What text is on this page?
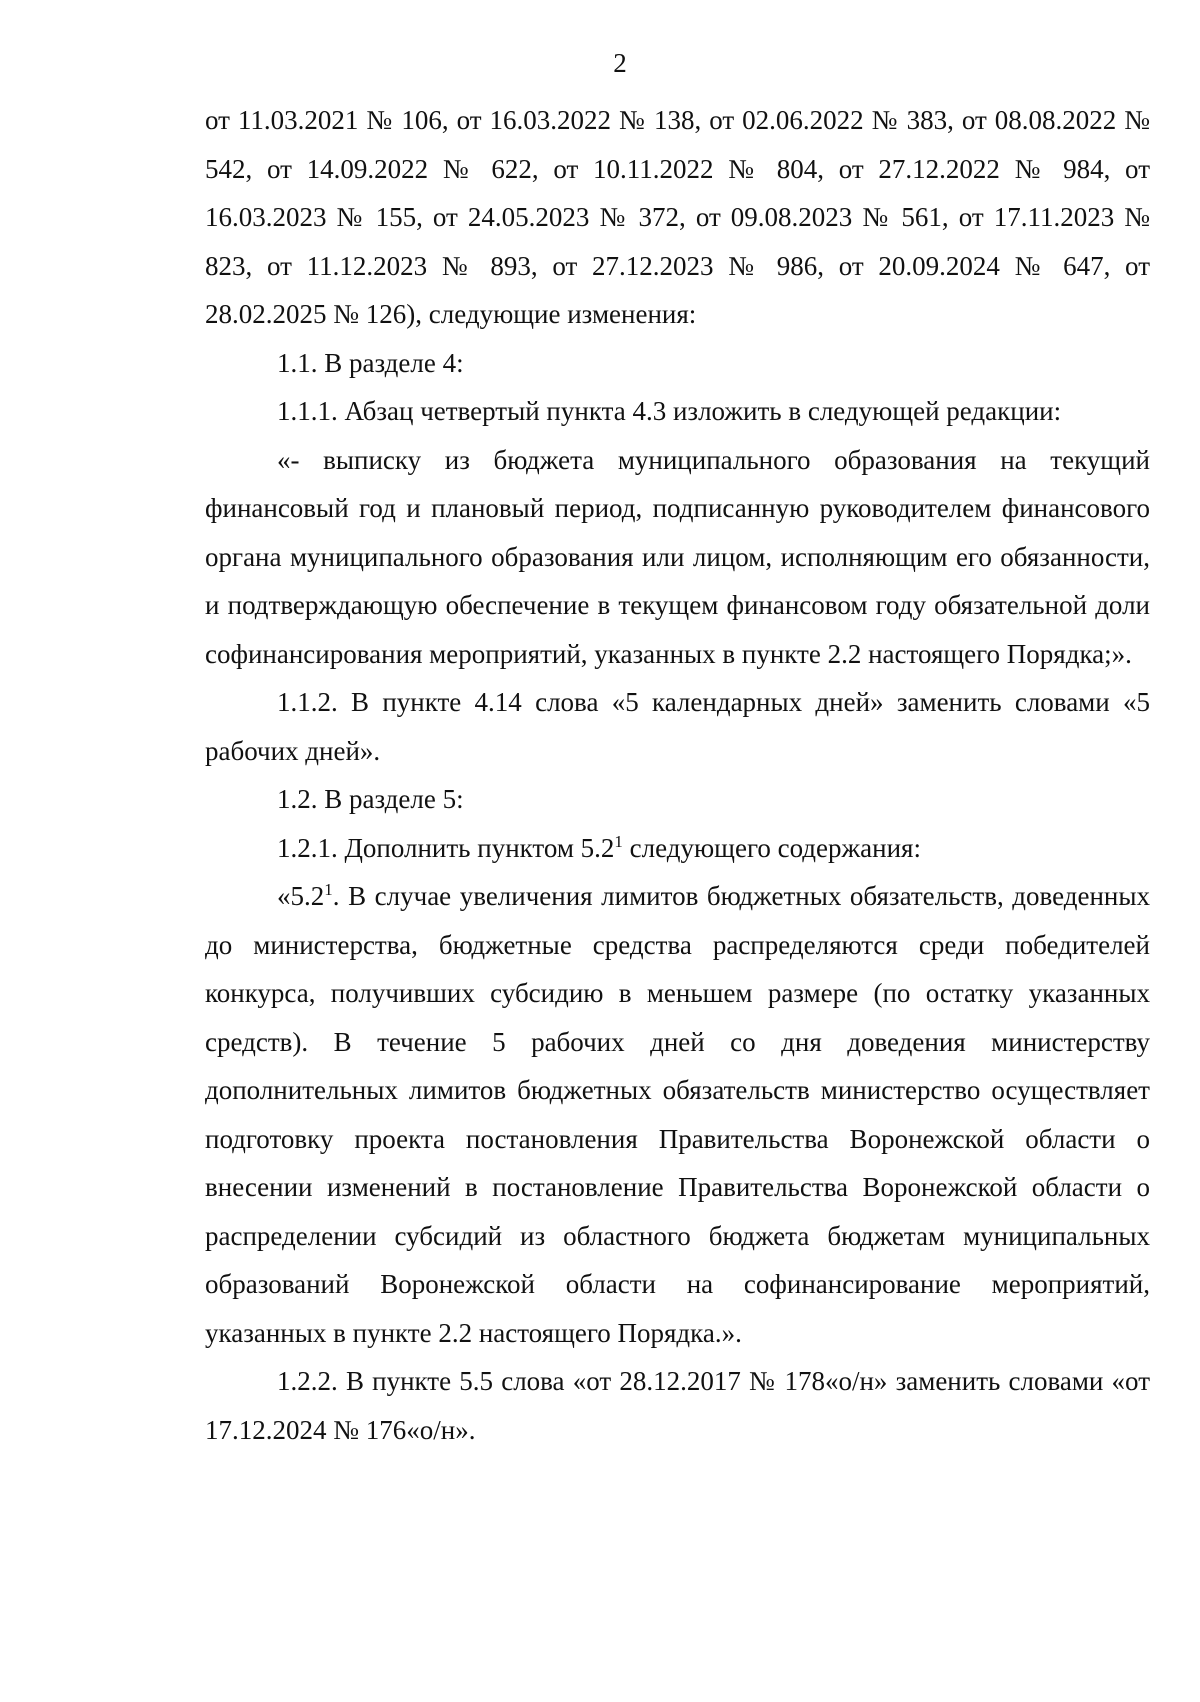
2

от 11.03.2021 № 106, от 16.03.2022 № 138, от 02.06.2022 № 383, от 08.08.2022 № 542, от 14.09.2022 № 622, от 10.11.2022 № 804, от 27.12.2022 № 984, от 16.03.2023 № 155, от 24.05.2023 № 372, от 09.08.2023 № 561, от 17.11.2023 № 823, от 11.12.2023 № 893, от 27.12.2023 № 986, от 20.09.2024 № 647, от 28.02.2025 № 126), следующие изменения:

1.1. В разделе 4:

1.1.1. Абзац четвертый пункта 4.3 изложить в следующей редакции:

«- выписку из бюджета муниципального образования на текущий финансовый год и плановый период, подписанную руководителем финансового органа муниципального образования или лицом, исполняющим его обязанности, и подтверждающую обеспечение в текущем финансовом году обязательной доли софинансирования мероприятий, указанных в пункте 2.2 настоящего Порядка;».

1.1.2. В пункте 4.14 слова «5 календарных дней» заменить словами «5 рабочих дней».

1.2. В разделе 5:

1.2.1. Дополнить пунктом $5.2^1$ следующего содержания:

«$5.2^1$. В случае увеличения лимитов бюджетных обязательств, доведенных до министерства, бюджетные средства распределяются среди победителей конкурса, получивших субсидию в меньшем размере (по остатку указанных средств). В течение 5 рабочих дней со дня доведения министерству дополнительных лимитов бюджетных обязательств министерство осуществляет подготовку проекта постановления Правительства Воронежской области о внесении изменений в постановление Правительства Воронежской области о распределении субсидий из областного бюджета бюджетам муниципальных образований Воронежской области на софинансирование мероприятий, указанных в пункте 2.2 настоящего Порядка.».

1.2.2. В пункте 5.5 слова «от 28.12.2017 № 178«о/н» заменить словами «от 17.12.2024 № 176«о/н».
